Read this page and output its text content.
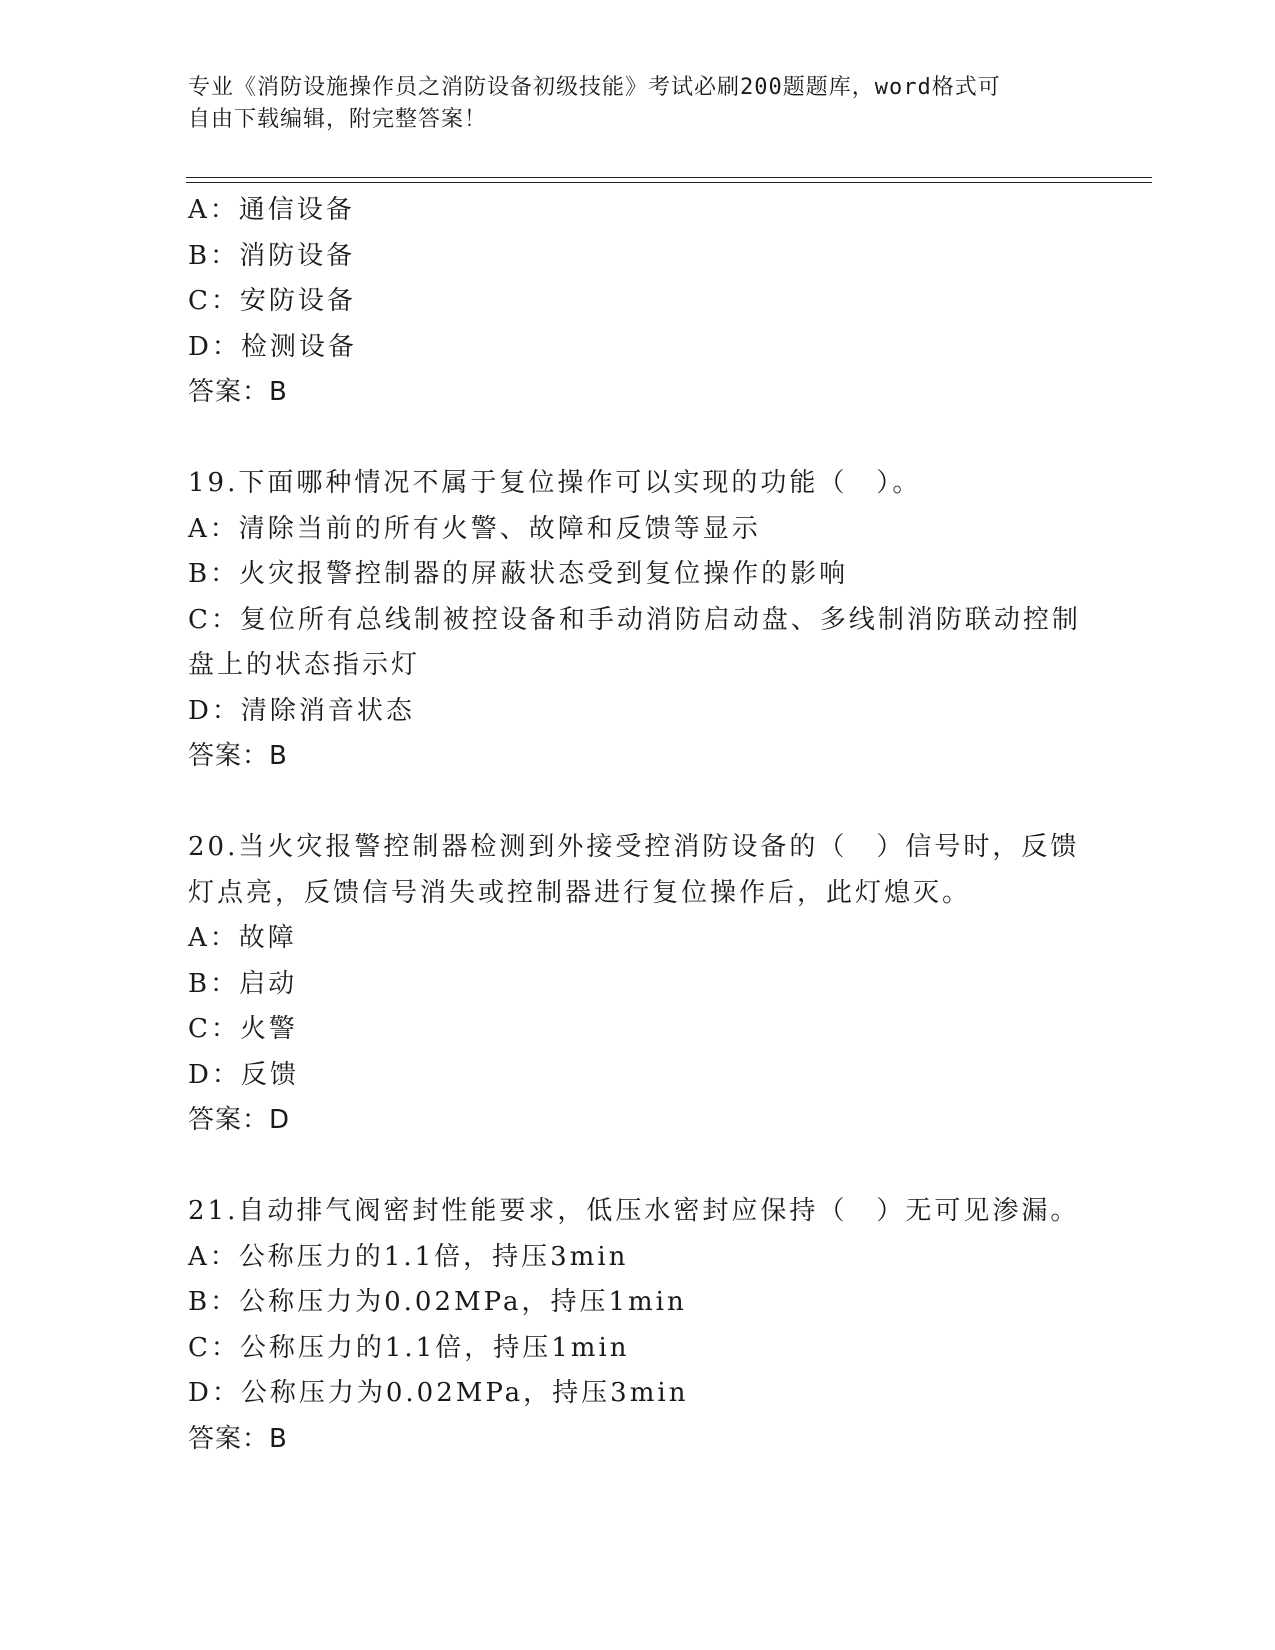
专业《消防设施操作员之消防设备初级技能》考试必刷200题题库，word格式可
自由下载编辑，附完整答案！
A：通信设备
B：消防设备
C：安防设备
D：检测设备
答案：B
19.下面哪种情况不属于复位操作可以实现的功能（　）。
A：清除当前的所有火警、故障和反馈等显示
B：火灾报警控制器的屏蔽状态受到复位操作的影响
C：复位所有总线制被控设备和手动消防启动盘、多线制消防联动控制
盘上的状态指示灯
D：清除消音状态
答案：B
20.当火灾报警控制器检测到外接受控消防设备的（　）信号时，反馈
灯点亮，反馈信号消失或控制器进行复位操作后，此灯熄灭。
A：故障
B：启动
C：火警
D：反馈
答案：D
21.自动排气阀密封性能要求，低压水密封应保持（　）无可见渗漏。
A：公称压力的1.1倍，持压3min
B：公称压力为0.02MPa，持压1min
C：公称压力的1.1倍，持压1min
D：公称压力为0.02MPa，持压3min
答案：B
